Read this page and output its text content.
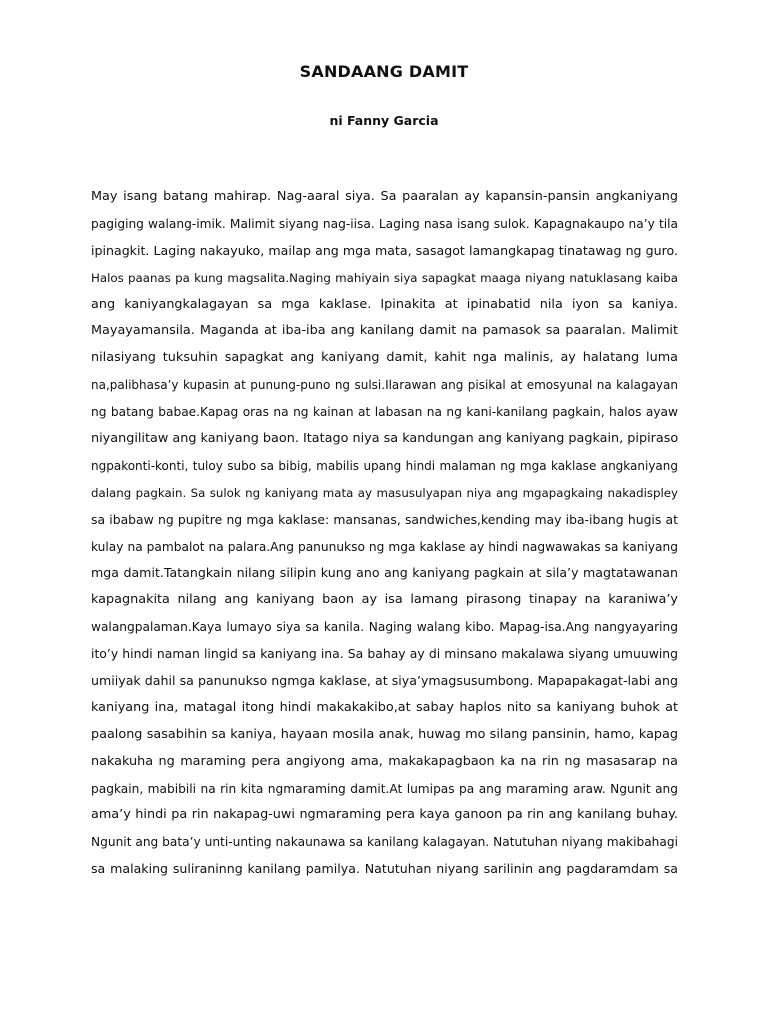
SANDAANG DAMIT
ni Fanny Garcia
May isang batang mahirap. Nag-aaral siya. Sa paaralan ay kapansin-pansin angkaniyang
pagiging walang-imik. Malimit siyang nag-iisa. Laging nasa isang sulok. Kapagnakaupo na’y tila
ipinagkit. Laging nakayuko, mailap ang mga mata, sasagot lamangkapag tinatawag ng guro.
Halos paanas pa kung magsalita.Naging mahiyain siya sapagkat maaga niyang natuklasang kaiba
ang kaniyangkalagayan sa mga kaklase. Ipinakita at ipinabatid nila iyon sa kaniya.
Mayayamansila. Maganda at iba-iba ang kanilang damit na pamasok sa paaralan. Malimit
nilasiyang tuksuhin sapagkat ang kaniyang damit, kahit nga malinis, ay halatang luma
na,palibhasa’y kupasin at punung-puno ng sulsi.Ilarawan ang pisikal at emosyunal na kalagayan
ng batang babae.Kapag oras na ng kainan at labasan na ng kani-kanilang pagkain, halos ayaw
niyangilitaw ang kaniyang baon. Itatago niya sa kandungan ang kaniyang pagkain, pipiraso
ngpakonti-konti, tuloy subo sa bibig, mabilis upang hindi malaman ng mga kaklase angkaniyang
dalang pagkain. Sa sulok ng kaniyang mata ay masusulyapan niya ang mgapagkaing nakadispley
sa ibabaw ng pupitre ng mga kaklase: mansanas, sandwiches,kending may iba-ibang hugis at
kulay na pambalot na palara.Ang panunukso ng mga kaklase ay hindi nagwawakas sa kaniyang
mga damit.Tatangkain nilang silipin kung ano ang kaniyang pagkain at sila’y magtatawanan
kapagnakita nilang ang kaniyang baon ay isa lamang pirasong tinapay na karaniwa’y
walangpalaman.Kaya lumayo siya sa kanila. Naging walang kibo. Mapag-isa.Ang nangyayaring
ito’y hindi naman lingid sa kaniyang ina. Sa bahay ay di minsano makalawa siyang umuuwing
umiiyak dahil sa panunukso ngmga kaklase, at siya’ymagsusumbong. Mapapakagat-labi ang
kaniyang ina, matagal itong hindi makakakibo,at sabay haplos nito sa kaniyang buhok at
paalong sasabihin sa kaniya, hayaan mosila anak, huwag mo silang pansinin, hamo, kapag
nakakuha ng maraming pera angiyong ama, makakapagbaon ka na rin ng masasarap na
pagkain, mabibili na rin kita ngmaraming damit.At lumipas pa ang maraming araw. Ngunit ang
ama’y hindi pa rin nakapag-uwi ngmaraming pera kaya ganoon pa rin ang kanilang buhay.
Ngunit ang bata’y unti-unting nakaunawa sa kanilang kalagayan. Natutuhan niyang makibahagi
sa malaking suliraninng kanilang pamilya. Natutuhan niyang sarilinin ang pagdaramdam sa
